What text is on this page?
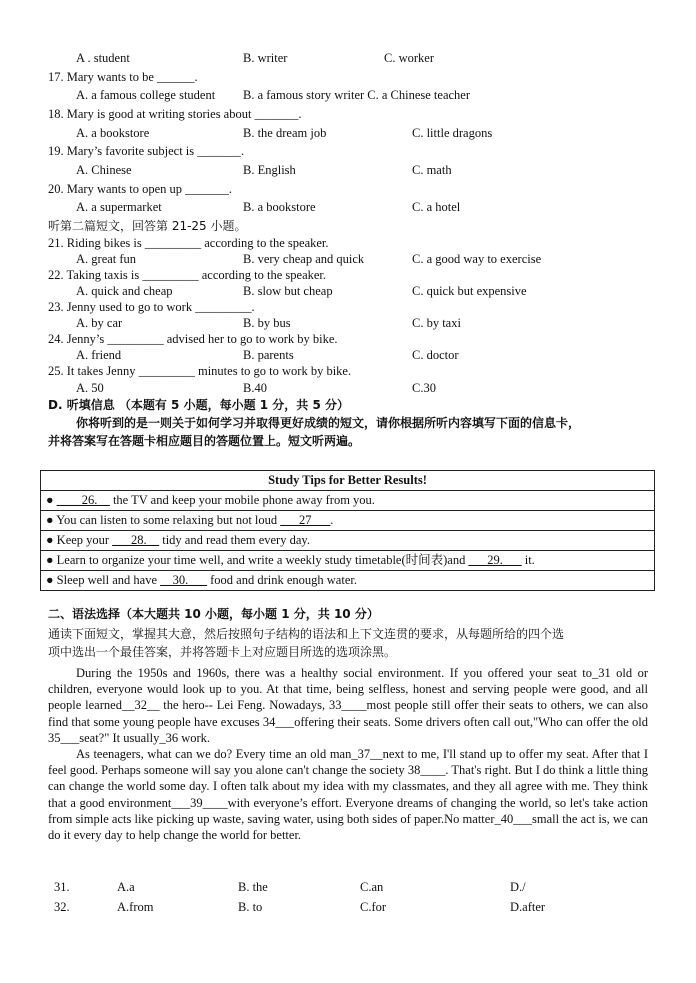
A . student	B. writer	C. worker
17. Mary wants to be ______.
A. a famous college student B. a famous story writer C. a Chinese teacher
18. Mary is good at writing stories about _______.
A. a bookstore	B. the dream job	C. little dragons
19. Mary’s favorite subject is _______.
A. Chinese	B. English	C. math
20. Mary wants to open up _______.
A. a supermarket	B. a bookstore	C. a hotel
听第二篇短文，回答第 21-25 小题。
21. Riding bikes is _________ according to the speaker.
A. great fun	B. very cheap and quick	C. a good way to exercise
22. Taking taxis is _________ according to the speaker.
A. quick and cheap	B. slow but cheap	C. quick but expensive
23. Jenny used to go to work _________.
A. by car	B. by bus	C. by taxi
24. Jenny’s _________ advised her to go to work by bike.
A. friend	B. parents	C. doctor
25. It takes Jenny _________ minutes to go to work by bike.
A. 50	B.40	C.30
D. 听填信息 （本题有 5 小题，每小题 1 分，共 5 分）
你将听到的是一则关于如何学习并取得更好成绩的短文，请你根据所听内容填写下面的信息卡，
并将答案写在答题卡相应题目的答题位置上。短文听两遍。
Study Tips for Better Results!
● ____26.__ the TV and keep your mobile phone away from you.
● You can listen to some relaxing but not loud ___27___.
● Keep your ___28.__ tidy and read them every day.
● Learn to organize your time well, and write a weekly study timetable(时间表)and ___29.___ it.
● Sleep well and have __30.___ food and drink enough water.
二、语法选择（本大题共 10 小题，每小题 1 分，共 10 分）
通读下面短文，掌握其大意，然后按照句子结构的语法和上下文连贯的要求，从每题所给的四个选
项中选出一个最佳答案，并将答题卡上对应题目所选的选项涂黑。

During the 1950s and 1960s, there was a healthy social environment. If you offered your seat to_31 old or children, everyone would look up to you. At that time, being selfless, honest and serving people were good, and all people learned__32__ the hero-- Lei Feng. Nowadays, 33____most people still offer their seats to others, we can also find that some young people have excuses 34___offering their seats. Some drivers often call out,"Who can offer the old 35___seat?" It usually_36 work.

As teenagers, what can we do? Every time an old man_37__next to me, I'll stand up to offer my seat. After that I feel good. Perhaps someone will say you alone can't change the society 38____. That's right. But I do think a little thing can change the world some day. I often talk about my idea with my classmates, and they all agree with me. They think that a good environment___39____with everyone’s effort. Everyone dreams of changing the world, so let's take action from simple acts like picking up waste, saving water, using both sides of paper.No matter_40___small the act is, we can do it every day to help change the world for better.

31.	A.a	B. the	C.an	D./
32.	A.from	B. to	C.for	D.after
